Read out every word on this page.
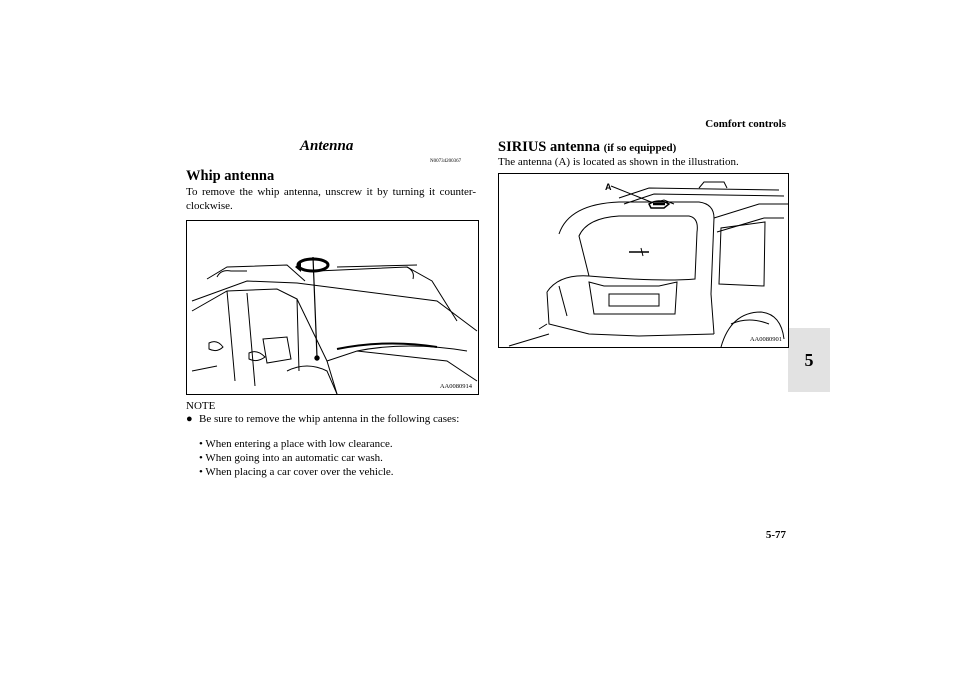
Comfort controls
5
Antenna
N00734200367
Whip antenna
To remove the whip antenna, unscrew it by turning it counter-clockwise.
AA0080914
NOTE
● Be sure to remove the whip antenna in the following cases:
• When entering a place with low clearance.
• When going into an automatic car wash.
• When placing a car cover over the vehicle.
SIRIUS antenna (if so equipped)
The antenna (A) is located as shown in the illustration.
A
AA0080901
5-77
